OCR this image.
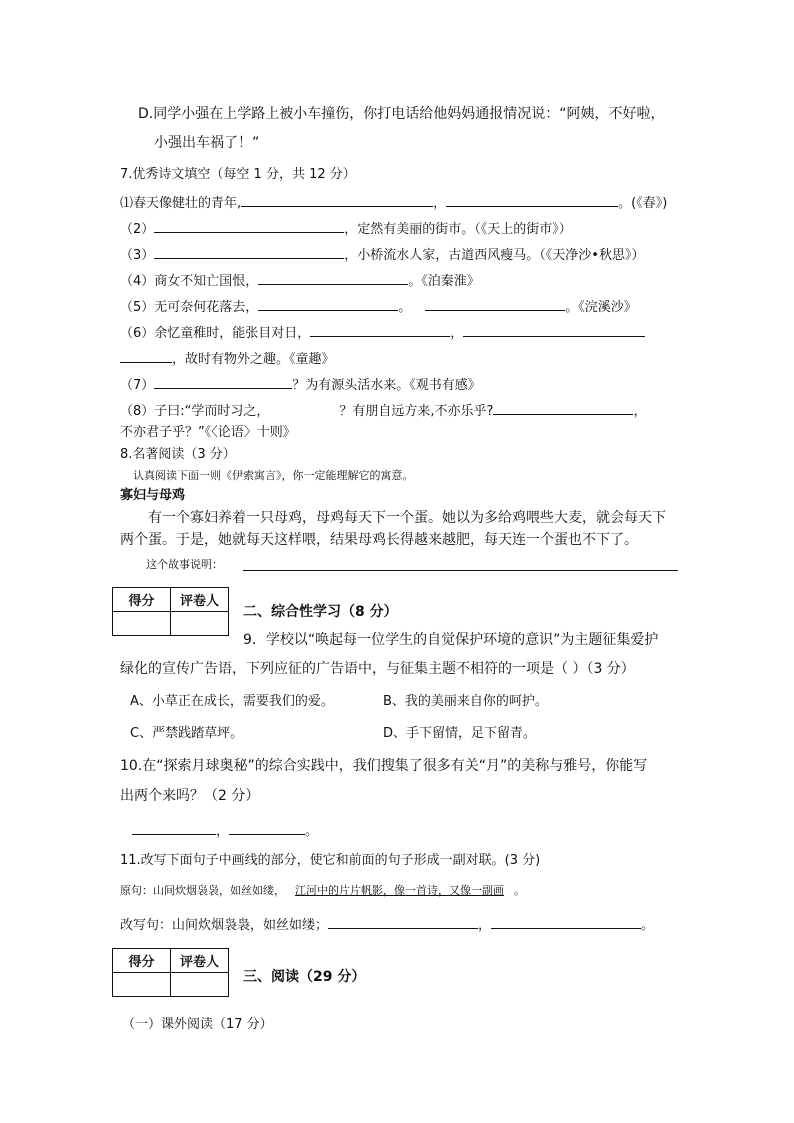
D.同学小强在上学路上被小车撞伤，你打电话给他妈妈通报情况说：“阿姨，不好啦，
小强出车祸了！”
7.优秀诗文填空（每空 1 分，共 12 分）
⑴春天像健壮的青年,	，	。(《春》)
（2）	，定然有美丽的街市。（《天上的街市》）
（3）	，小桥流水人家，古道西风瘦马。（《天净沙•秋思》）
（4）商女不知亡国恨，	。《泊秦淮》
（5）无可奈何花落去，	。	。《浣溪沙》
（6）余忆童稚时，能张目对日，	，
，故时有物外之趣。《童趣》
（7）	？为有源头活水来。《观书有感》
（8）子曰:“学而时习之，	？有朋自远方来,不亦乐乎?	，
不亦君子乎？”《〈论语〉十则》
8.名著阅读（3 分）
认真阅读下面一则《伊索寓言》，你一定能理解它的寓意。
寡妇与母鸡
有一个寡妇养着一只母鸡，母鸡每天下一个蛋。她以为多给鸡喂些大麦，就会每天下
两个蛋。于是，她就每天这样喂，结果母鸡长得越来越肥，每天连一个蛋也不下了。
这个故事说明：
得分	评卷人

二、综合性学习（8 分）
9．学校以“唤起每一位学生的自觉保护环境的意识”为主题征集爱护
绿化的宣传广告语，下列应征的广告语中，与征集主题不相符的一项是（ ）（3 分）
A、小草正在成长，需要我们的爱。	B、我的美丽来自你的呵护。
C、严禁践踏草坪。	D、手下留情，足下留青。
10.在“探索月球奥秘”的综合实践中，我们搜集了很多有关“月”的美称与雅号，你能写
出两个来吗？（2 分）
，	。
11.改写下面句子中画线的部分，使它和前面的句子形成一副对联。(3 分)
原句：山间炊烟袅袅，如丝如缕， 江河中的片片帆影，像一首诗，又像一副画 。
改写句：山间炊烟袅袅，如丝如缕；	，	。
得分	评卷人

三、阅读（29 分）
（一）课外阅读（17 分）
